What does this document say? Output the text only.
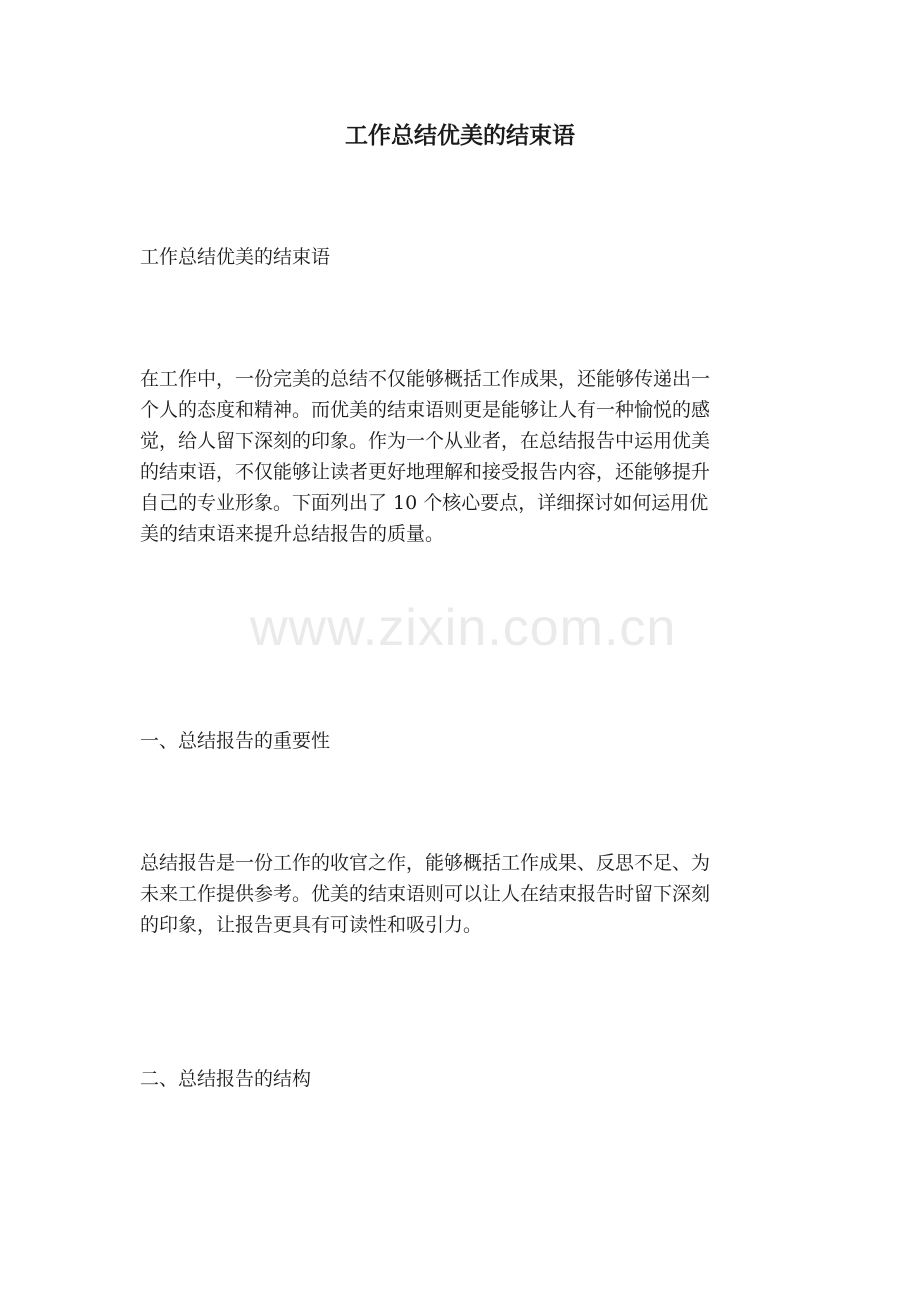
工作总结优美的结束语

工作总结优美的结束语

在工作中，一份完美的总结不仅能够概括工作成果，还能够传递出一
个人的态度和精神。而优美的结束语则更是能够让人有一种愉悦的感
觉，给人留下深刻的印象。作为一个从业者，在总结报告中运用优美
的结束语，不仅能够让读者更好地理解和接受报告内容，还能够提升
自己的专业形象。下面列出了 10 个核心要点，详细探讨如何运用优
美的结束语来提升总结报告的质量。
一、总结报告的重要性
总结报告是一份工作的收官之作，能够概括工作成果、反思不足、为
未来工作提供参考。优美的结束语则可以让人在结束报告时留下深刻
的印象，让报告更具有可读性和吸引力。
二、总结报告的结构
www.zixin.com.cn
